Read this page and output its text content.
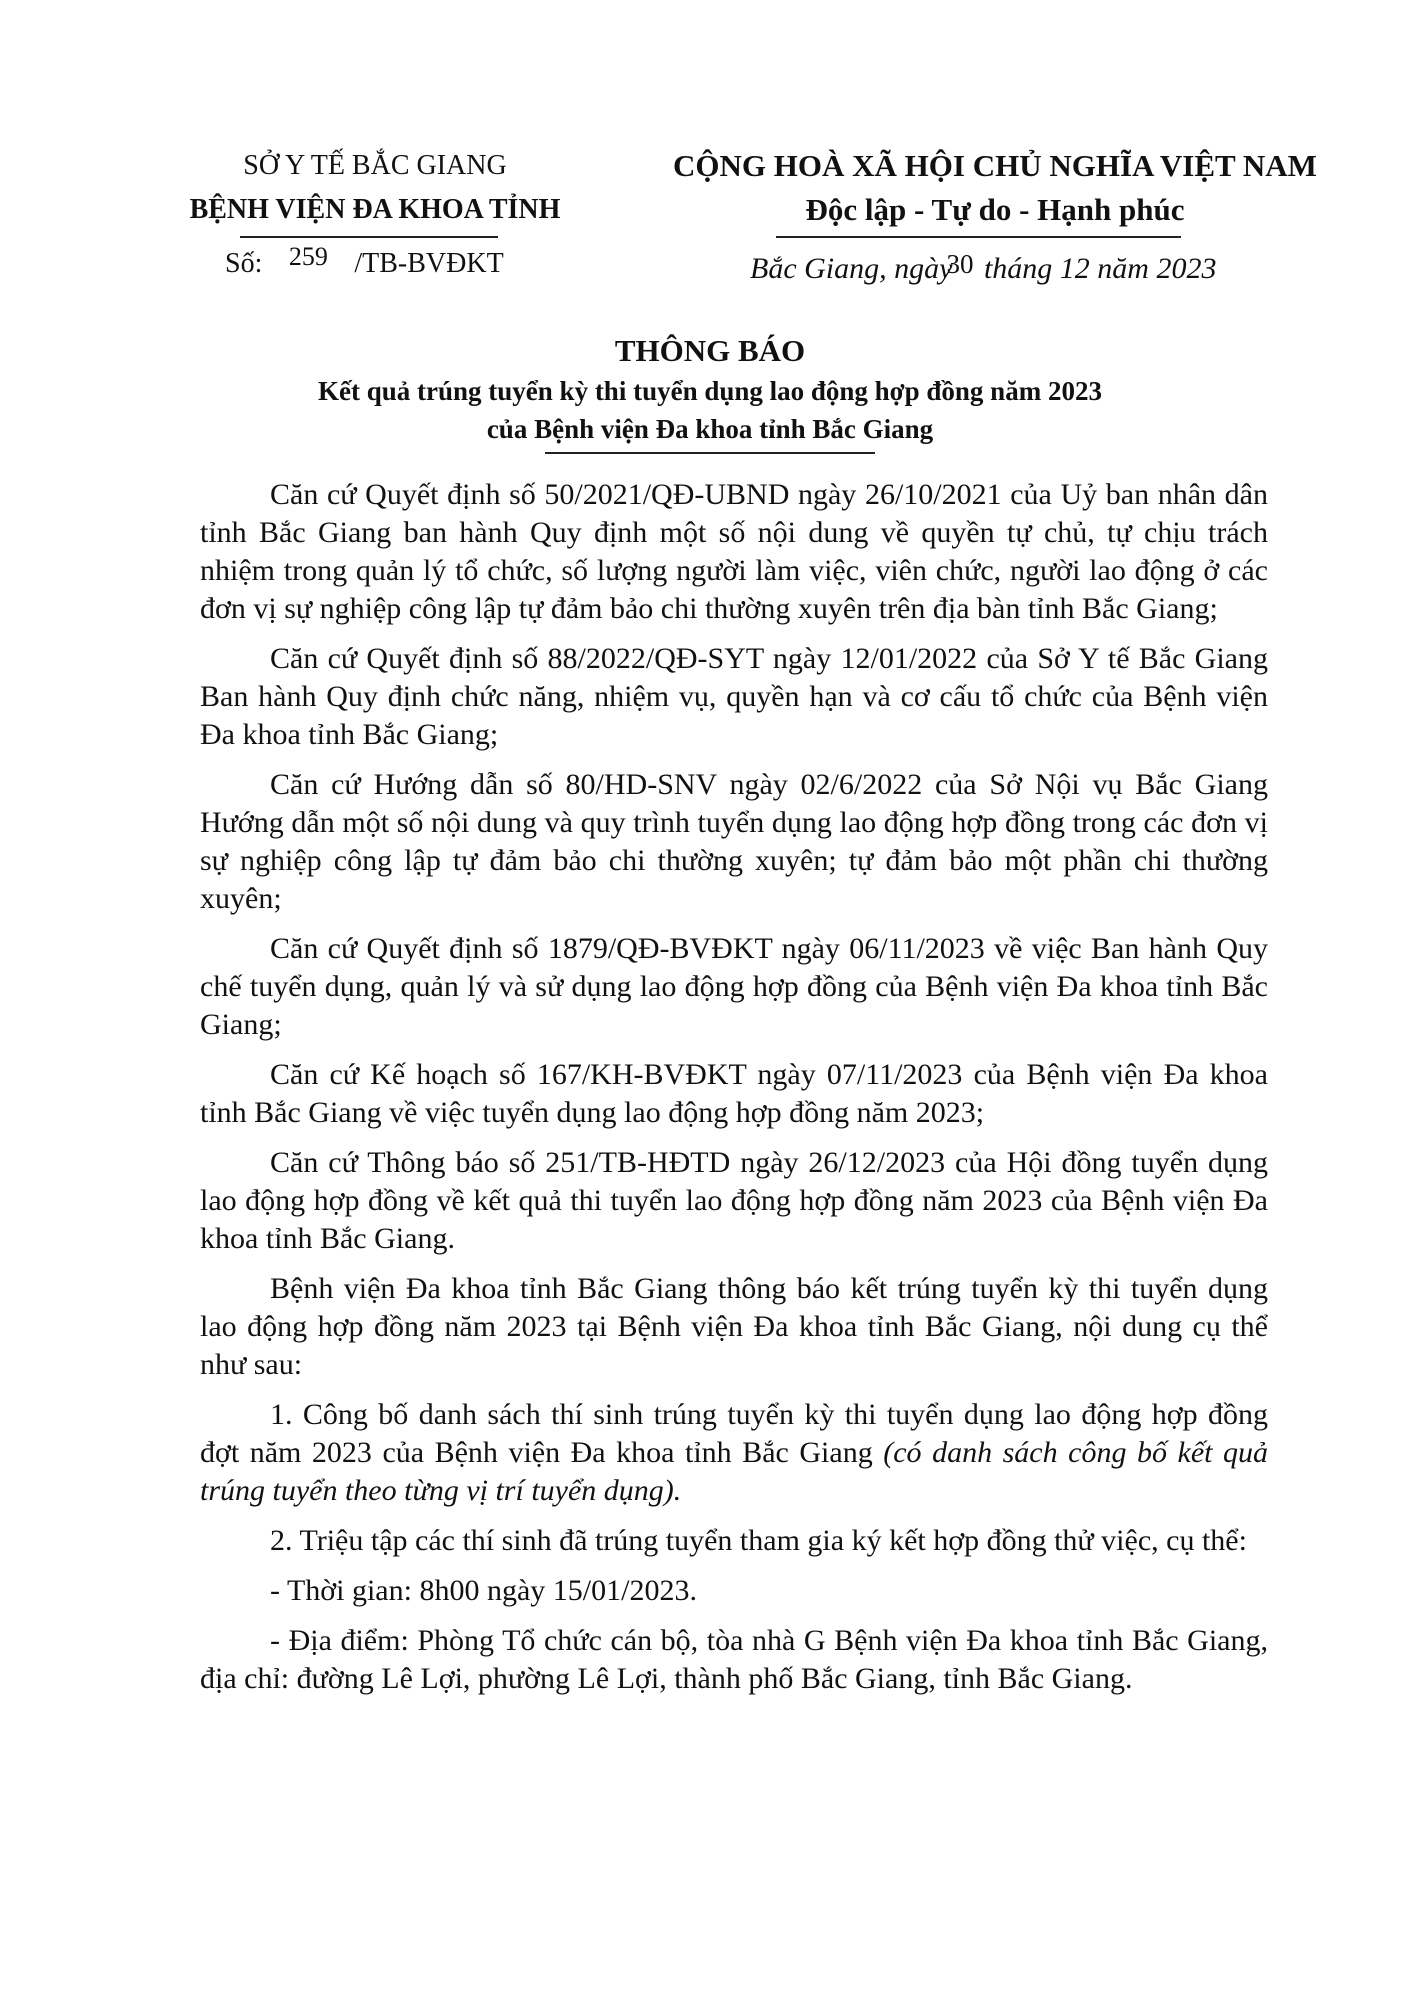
SỞ Y TẾ BẮC GIANG
BỆNH VIỆN ĐA KHOA TỈNH
CỘNG HOÀ XÃ HỘI CHỦ NGHĨA VIỆT NAM
Độc lập - Tự do - Hạnh phúc
Số: 259 /TB-BVĐKT	Bắc Giang, ngày30 tháng 12 năm 2023
THÔNG BÁO
Kết quả trúng tuyển kỳ thi tuyển dụng lao động hợp đồng năm 2023
của Bệnh viện Đa khoa tỉnh Bắc Giang

Căn cứ Quyết định số 50/2021/QĐ-UBND ngày 26/10/2021 của Uỷ ban nhân dân tỉnh Bắc Giang ban hành Quy định một số nội dung về quyền tự chủ, tự chịu trách nhiệm trong quản lý tổ chức, số lượng người làm việc, viên chức, người lao động ở các đơn vị sự nghiệp công lập tự đảm bảo chi thường xuyên trên địa bàn tỉnh Bắc Giang;

Căn cứ Quyết định số 88/2022/QĐ-SYT ngày 12/01/2022 của Sở Y tế Bắc Giang Ban hành Quy định chức năng, nhiệm vụ, quyền hạn và cơ cấu tổ chức của Bệnh viện Đa khoa tỉnh Bắc Giang;

Căn cứ Hướng dẫn số 80/HD-SNV ngày 02/6/2022 của Sở Nội vụ Bắc Giang Hướng dẫn một số nội dung và quy trình tuyển dụng lao động hợp đồng trong các đơn vị sự nghiệp công lập tự đảm bảo chi thường xuyên; tự đảm bảo một phần chi thường xuyên;

Căn cứ Quyết định số 1879/QĐ-BVĐKT ngày 06/11/2023 về việc Ban hành Quy chế tuyển dụng, quản lý và sử dụng lao động hợp đồng của Bệnh viện Đa khoa tỉnh Bắc Giang;

Căn cứ Kế hoạch số 167/KH-BVĐKT ngày 07/11/2023 của Bệnh viện Đa khoa tỉnh Bắc Giang về việc tuyển dụng lao động hợp đồng năm 2023;

Căn cứ Thông báo số 251/TB-HĐTD ngày 26/12/2023 của Hội đồng tuyển dụng lao động hợp đồng về kết quả thi tuyển lao động hợp đồng năm 2023 của Bệnh viện Đa khoa tỉnh Bắc Giang.

Bệnh viện Đa khoa tỉnh Bắc Giang thông báo kết trúng tuyển kỳ thi tuyển dụng lao động hợp đồng năm 2023 tại Bệnh viện Đa khoa tỉnh Bắc Giang, nội dung cụ thể như sau:

1. Công bố danh sách thí sinh trúng tuyển kỳ thi tuyển dụng lao động hợp đồng đợt năm 2023 của Bệnh viện Đa khoa tỉnh Bắc Giang (có danh sách công bố kết quả trúng tuyển theo từng vị trí tuyển dụng).

2. Triệu tập các thí sinh đã trúng tuyển tham gia ký kết hợp đồng thử việc, cụ thể:

- Thời gian: 8h00 ngày 15/01/2023.

- Địa điểm: Phòng Tổ chức cán bộ, tòa nhà G Bệnh viện Đa khoa tỉnh Bắc Giang, địa chỉ: đường Lê Lợi, phường Lê Lợi, thành phố Bắc Giang, tỉnh Bắc Giang.
